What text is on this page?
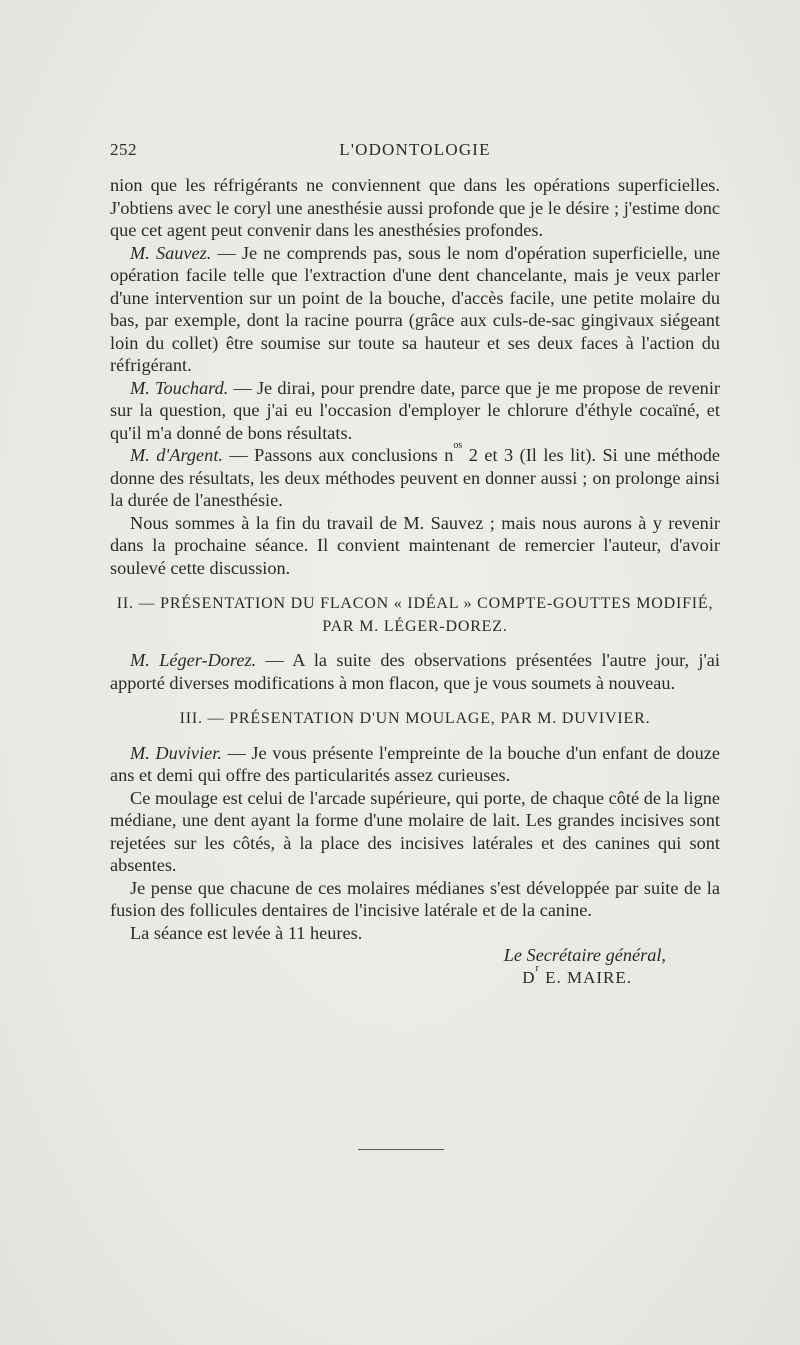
252	L'ODONTOLOGIE

nion que les réfrigérants ne conviennent que dans les opérations superficielles. J'obtiens avec le coryl une anesthésie aussi profonde que je le désire ; j'estime donc que cet agent peut convenir dans les anesthésies profondes.

M. Sauvez. — Je ne comprends pas, sous le nom d'opération superficielle, une opération facile telle que l'extraction d'une dent chancelante, mais je veux parler d'une intervention sur un point de la bouche, d'accès facile, une petite molaire du bas, par exemple, dont la racine pourra (grâce aux culs-de-sac gingivaux siégeant loin du collet) être soumise sur toute sa hauteur et ses deux faces à l'action du réfrigérant.

M. Touchard. — Je dirai, pour prendre date, parce que je me propose de revenir sur la question, que j'ai eu l'occasion d'employer le chlorure d'éthyle cocaïné, et qu'il m'a donné de bons résultats.

M. d'Argent. — Passons aux conclusions $n^{os}$ 2 et 3 (Il les lit). Si une méthode donne des résultats, les deux méthodes peuvent en donner aussi ; on prolonge ainsi la durée de l'anesthésie.

Nous sommes à la fin du travail de M. Sauvez ; mais nous aurons à y revenir dans la prochaine séance. Il convient maintenant de remercier l'auteur, d'avoir soulevé cette discussion.

II. — PRÉSENTATION DU FLACON « IDÉAL » COMPTE-GOUTTES MODIFIÉ,

PAR M. LÉGER-DOREZ.

M. Léger-Dorez. — A la suite des observations présentées l'autre jour, j'ai apporté diverses modifications à mon flacon, que je vous soumets à nouveau.

III. — PRÉSENTATION D'UN MOULAGE, PAR M. DUVIVIER.

M. Duvivier. — Je vous présente l'empreinte de la bouche d'un enfant de douze ans et demi qui offre des particularités assez curieuses.

Ce moulage est celui de l'arcade supérieure, qui porte, de chaque côté de la ligne médiane, une dent ayant la forme d'une molaire de lait. Les grandes incisives sont rejetées sur les côtés, à la place des incisives latérales et des canines qui sont absentes.

Je pense que chacune de ces molaires médianes s'est développée par suite de la fusion des follicules dentaires de l'incisive latérale et de la canine.

La séance est levée à 11 heures.

Le Secrétaire général,

$D^r$ E. MAIRE.
